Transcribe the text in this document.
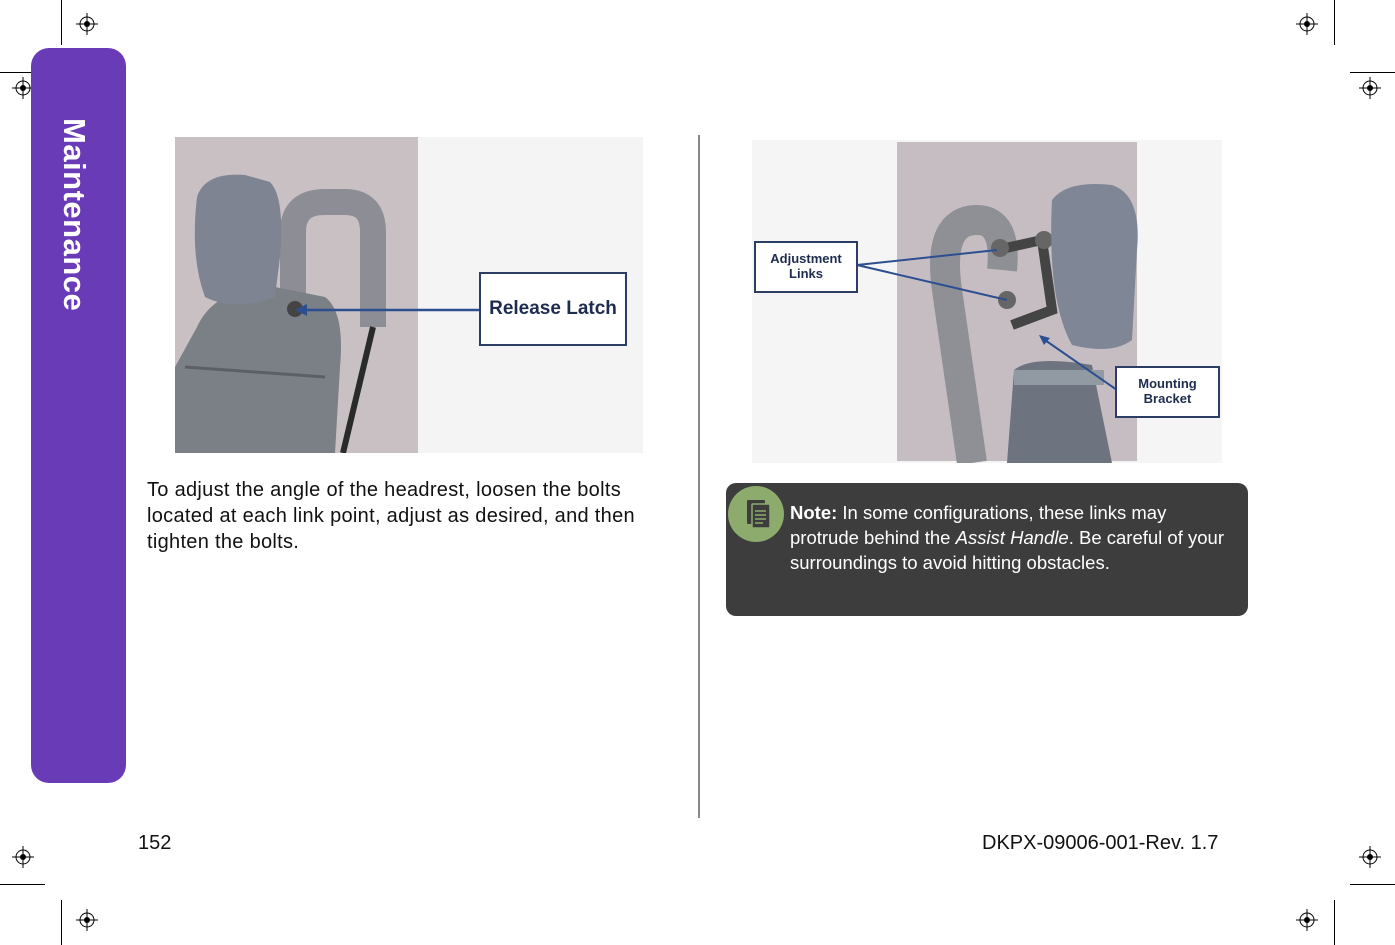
Maintenance	Release Latch
To adjust the angle of the headrest, loosen the bolts located at each link point, adjust as desired, and then tighten the bolts.
Adjustment Links
Mounting Bracket
Note: In some configurations, these links may protrude behind the Assist Handle. Be careful of your surroundings to avoid hitting obstacles.
152	DKPX-09006-001-Rev. 1.7
